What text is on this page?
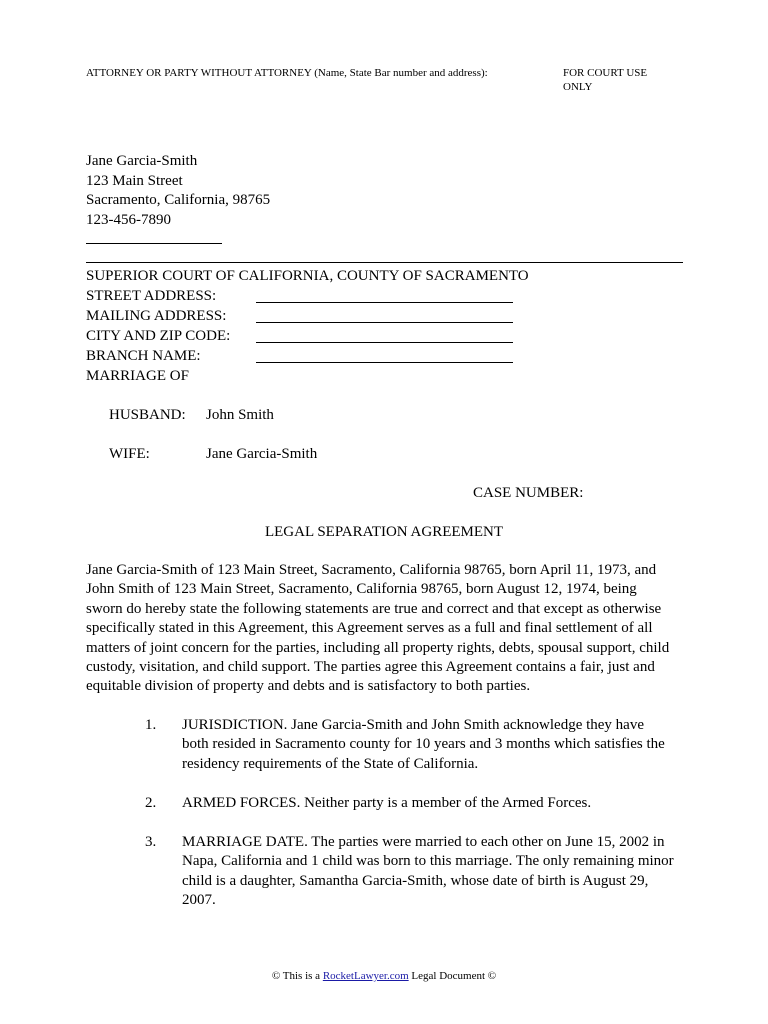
ATTORNEY OR PARTY WITHOUT ATTORNEY (Name, State Bar number and address):	FOR COURT USE
ONLY
Jane Garcia-Smith
123 Main Street
Sacramento, California, 98765
123-456-7890
SUPERIOR COURT OF CALIFORNIA, COUNTY OF SACRAMENTO
STREET ADDRESS:
MAILING ADDRESS:
CITY AND ZIP CODE:
BRANCH NAME:
MARRIAGE OF
HUSBAND: John Smith
WIFE:	Jane Garcia-Smith
CASE NUMBER:
LEGAL SEPARATION AGREEMENT
Jane Garcia-Smith of 123 Main Street, Sacramento, California 98765, born April 11, 1973, and
John Smith of 123 Main Street, Sacramento, California 98765, born August 12, 1974, being
sworn do hereby state the following statements are true and correct and that except as otherwise
specifically stated in this Agreement, this Agreement serves as a full and final settlement of all
matters of joint concern for the parties, including all property rights, debts, spousal support, child
custody, visitation, and child support. The parties agree this Agreement contains a fair, just and
equitable division of property and debts and is satisfactory to both parties.
1. JURISDICTION. Jane Garcia-Smith and John Smith acknowledge they have
both resided in Sacramento county for 10 years and 3 months which satisfies the
residency requirements of the State of California.
2. ARMED FORCES. Neither party is a member of the Armed Forces.
3. MARRIAGE DATE. The parties were married to each other on June 15, 2002 in
Napa, California and 1 child was born to this marriage. The only remaining minor
child is a daughter, Samantha Garcia-Smith, whose date of birth is August 29,
2007.
© This is a RocketLawyer.com Legal Document ©
